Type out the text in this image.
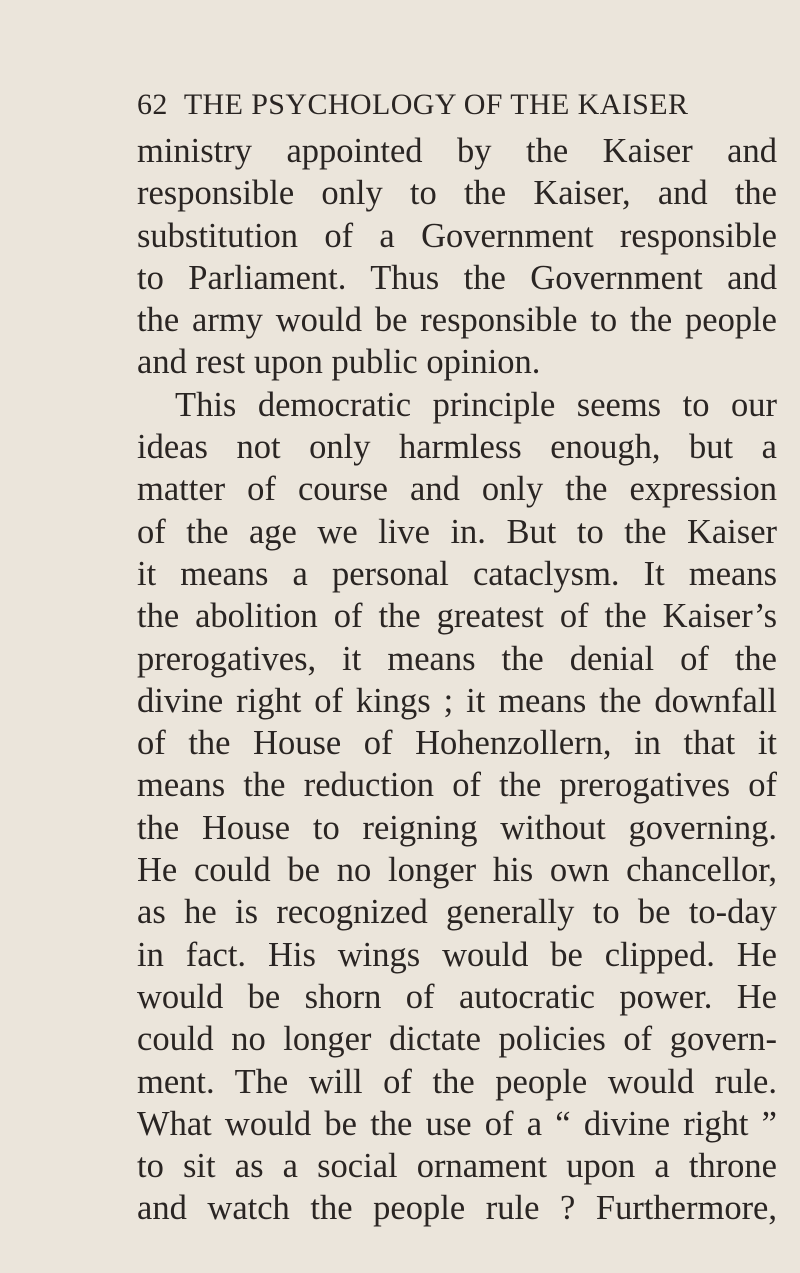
62 THE PSYCHOLOGY OF THE KAISER
ministry appointed by the Kaiser and
responsible only to the Kaiser, and the
substitution of a Government responsible
to Parliament. Thus the Government and
the army would be responsible to the people
and rest upon public opinion.
This democratic principle seems to our
ideas not only harmless enough, but a
matter of course and only the expression
of the age we live in. But to the Kaiser
it means a personal cataclysm. It means
the abolition of the greatest of the Kaiser’s
prerogatives, it means the denial of the
divine right of kings ; it means the downfall
of the House of Hohenzollern, in that it
means the reduction of the prerogatives of
the House to reigning without governing.
He could be no longer his own chancellor,
as he is recognized generally to be to-day
in fact. His wings would be clipped. He
would be shorn of autocratic power. He
could no longer dictate policies of govern-
ment. The will of the people would rule.
What would be the use of a “ divine right ”
to sit as a social ornament upon a throne
and watch the people rule ? Furthermore,
